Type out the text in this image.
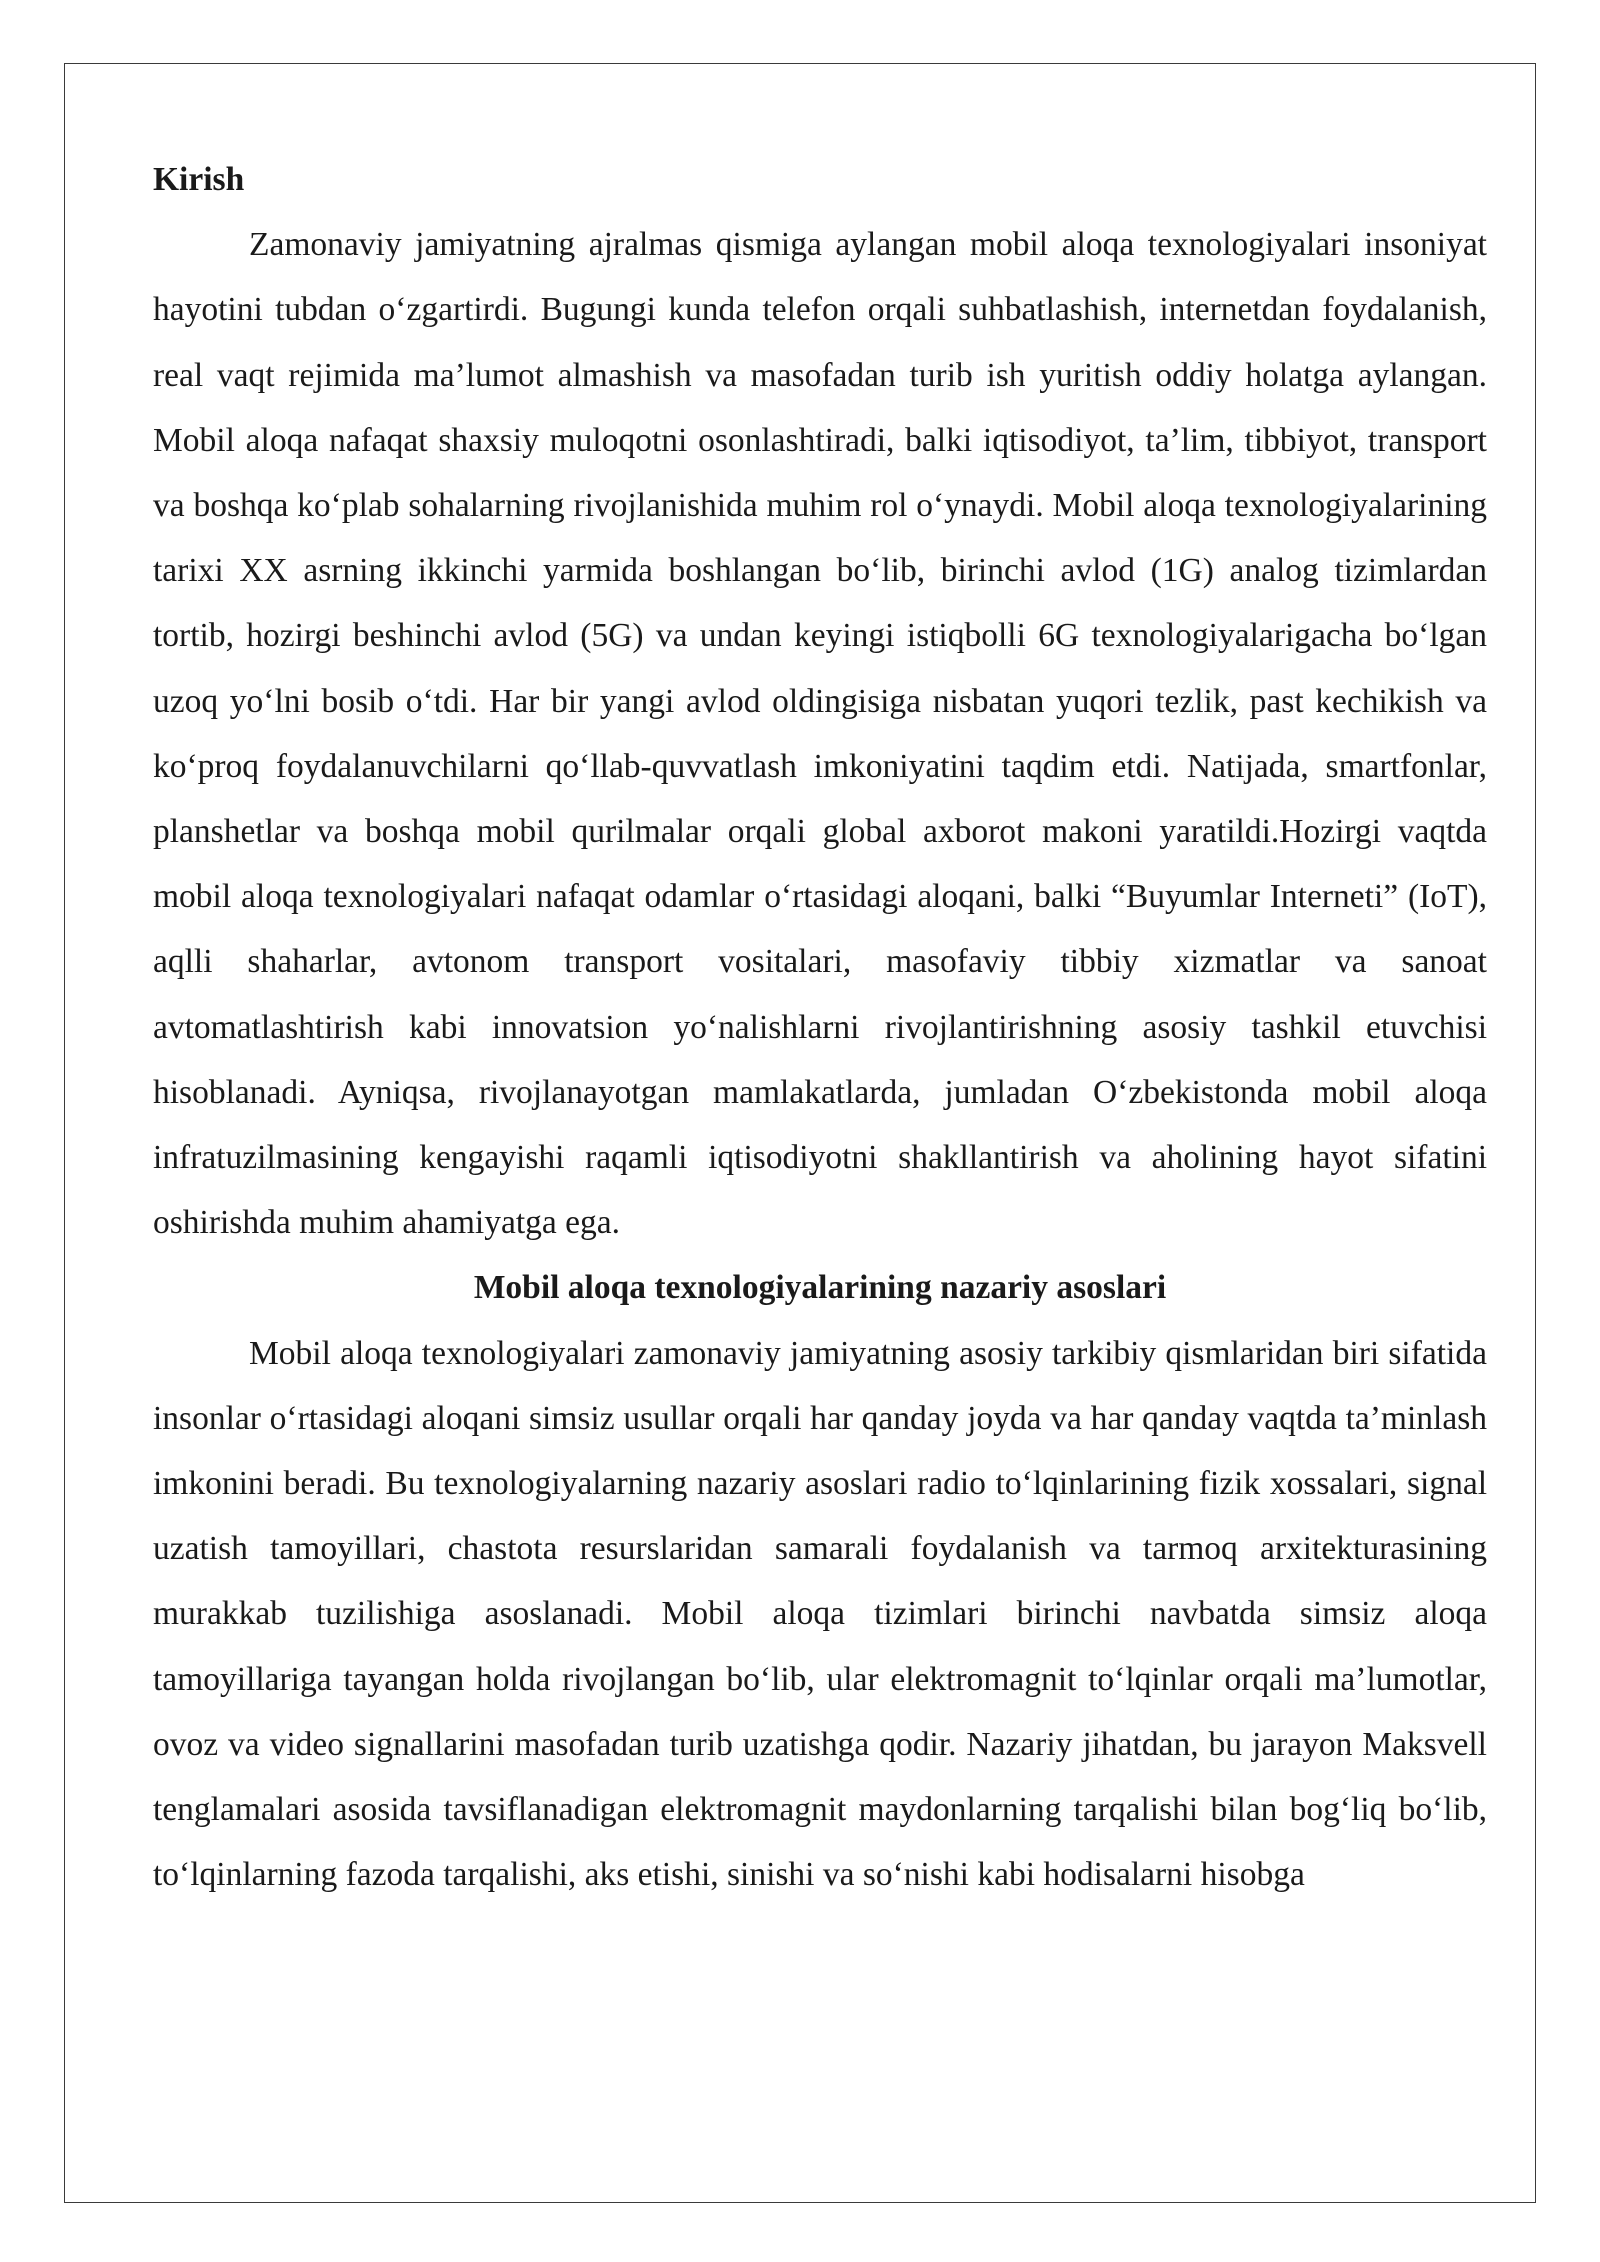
Kirish

Zamonaviy jamiyatning ajralmas qismiga aylangan mobil aloqa texnologiyalari insoniyat hayotini tubdan o‘zgartirdi. Bugungi kunda telefon orqali suhbatlashish, internetdan foydalanish, real vaqt rejimida ma’lumot almashish va masofadan turib ish yuritish oddiy holatga aylangan. Mobil aloqa nafaqat shaxsiy muloqotni osonlashtiradi, balki iqtisodiyot, ta’lim, tibbiyot, transport va boshqa ko‘plab sohalarning rivojlanishida muhim rol o‘ynaydi. Mobil aloqa texnologiyalarining tarixi XX asrning ikkinchi yarmida boshlangan bo‘lib, birinchi avlod (1G) analog tizimlardan tortib, hozirgi beshinchi avlod (5G) va undan keyingi istiqbolli 6G texnologiyalarigacha bo‘lgan uzoq yo‘lni bosib o‘tdi. Har bir yangi avlod oldingisiga nisbatan yuqori tezlik, past kechikish va ko‘proq foydalanuvchilarni qo‘llab-quvvatlash imkoniyatini taqdim etdi. Natijada, smartfonlar, planshetlar va boshqa mobil qurilmalar orqali global axborot makoni yaratildi.Hozirgi vaqtda mobil aloqa texnologiyalari nafaqat odamlar o‘rtasidagi aloqani, balki “Buyumlar Interneti” (IoT), aqlli shaharlar, avtonom transport vositalari, masofaviy tibbiy xizmatlar va sanoat avtomatlashtirish kabi innovatsion yo‘nalishlarni rivojlantirishning asosiy tashkil etuvchisi hisoblanadi. Ayniqsa, rivojlanayotgan mamlakatlarda, jumladan O‘zbekistonda mobil aloqa infratuzilmasining kengayishi raqamli iqtisodiyotni shakllantirish va aholining hayot sifatini oshirishda muhim ahamiyatga ega.

Mobil aloqa texnologiyalarining nazariy asoslari

Mobil aloqa texnologiyalari zamonaviy jamiyatning asosiy tarkibiy qismlaridan biri sifatida insonlar o‘rtasidagi aloqani simsiz usullar orqali har qanday joyda va har qanday vaqtda ta’minlash imkonini beradi. Bu texnologiyalarning nazariy asoslari radio to‘lqinlarining fizik xossalari, signal uzatish tamoyillari, chastota resurslaridan samarali foydalanish va tarmoq arxitekturasining murakkab tuzilishiga asoslanadi. Mobil aloqa tizimlari birinchi navbatda simsiz aloqa tamoyillariga tayangan holda rivojlangan bo‘lib, ular elektromagnit to‘lqinlar orqali ma’lumotlar, ovoz va video signallarini masofadan turib uzatishga qodir. Nazariy jihatdan, bu jarayon Maksvell tenglamalari asosida tavsiflanadigan elektromagnit maydonlarning tarqalishi bilan bog‘liq bo‘lib, to‘lqinlarning fazoda tarqalishi, aks etishi, sinishi va so‘nishi kabi hodisalarni hisobga
